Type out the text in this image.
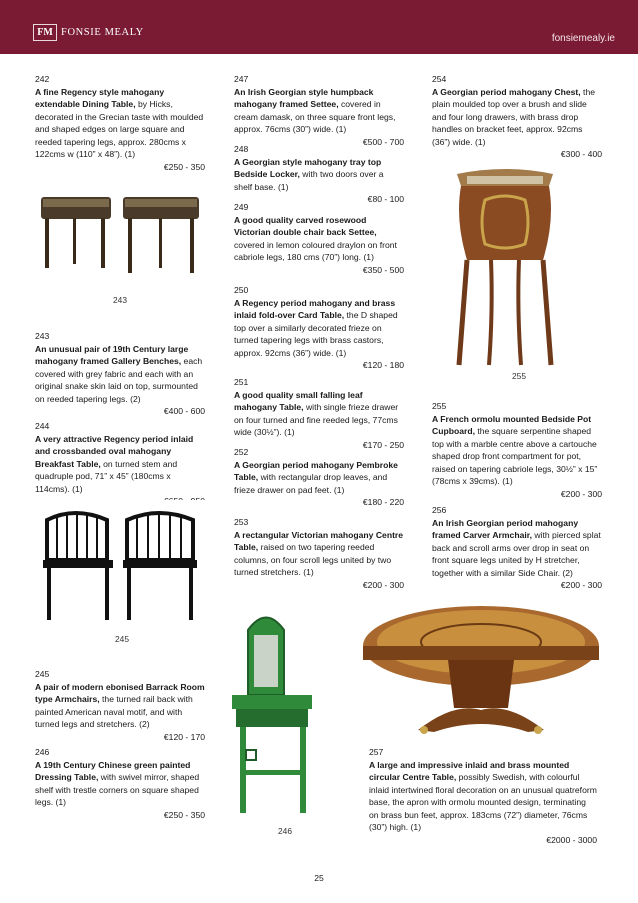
FM FONSIE MEALY
fonsiemealy.ie
242
A fine Regency style mahogany extendable Dining Table, by Hicks, decorated in the Grecian taste with moulded and shaped edges on large square and reeded tapering legs, approx. 280cms x 122cms w (110” x 48”). (1)
€250 - 350
243
243
An unusual pair of 19th Century large mahogany framed Gallery Benches, each covered with grey fabric and each with an original snake skin laid on top, surmounted on reeded tapering legs. (2)
€400 - 600
244
A very attractive Regency period inlaid and crossbanded oval mahogany Breakfast Table, on turned stem and quadruple pod, 71” x 45” (180cms x 114cms). (1)
245
245
A pair of modern ebonised Barrack Room type Armchairs, the turned rail back with painted American naval motif, and with turned legs and stretchers. (2)
€120 - 170
246
A 19th Century Chinese green painted Dressing Table, with swivel mirror, shaped shelf with trestle corners on square shaped legs. (1)
€250 - 350
247
An Irish Georgian style humpback mahogany framed Settee, covered in cream damask, on three square front legs, approx. 76cms (30”) wide. (1)
€500 - 700
248
A Georgian style mahogany tray top Bedside Locker, with two doors over a shelf base. (1)
€80 - 100
249
A good quality carved rosewood Victorian double chair back Settee, covered in lemon coloured draylon on front cabriole legs, 180 cms (70”) long. (1)
€350 - 500
250
A Regency period mahogany and brass inlaid fold-over Card Table, the D shaped top over a similarly decorated frieze on turned tapering legs with brass castors, approx. 92cms (36”) wide. (1)
€120 - 180
251
A good quality small falling leaf mahogany Table, with single frieze drawer on four turned and fine reeded legs, 77cms wide (30½”). (1)
€170 - 250
252
A Georgian period mahogany Pembroke Table, with rectangular drop leaves, and frieze drawer on pad feet. (1)
€180 - 220
253
A rectangular Victorian mahogany Centre Table, raised on two tapering reeded columns, on four scroll legs united by two turned stretchers. (1)
€200 - 300
246
254
A Georgian period mahogany Chest, the plain moulded top over a brush and slide and four long drawers, with brass drop handles on bracket feet, approx. 92cms (36”) wide. (1)
€300 - 400
255
255
A French ormolu mounted Bedside Pot Cupboard, the square serpentine shaped top with a marble centre above a cartouche shaped drop front compartment for pot, raised on tapering cabriole legs, 30½” x 15” (78cms x 39cms). (1)
€200 - 300
256
An Irish Georgian period mahogany framed Carver Armchair, with pierced splat back and scroll arms over drop in seat on front square legs united by H stretcher, together with a similar Side Chair. (2)
€200 - 300
257
A large and impressive inlaid and brass mounted circular Centre Table, possibly Swedish, with colourful inlaid intertwined floral decoration on an unusual quatreform base, the apron with ormolu mounted design, terminating on brass bun feet, approx. 183cms (72”) diameter, 76cms (30”) high. (1)
€2000 - 3000
25
